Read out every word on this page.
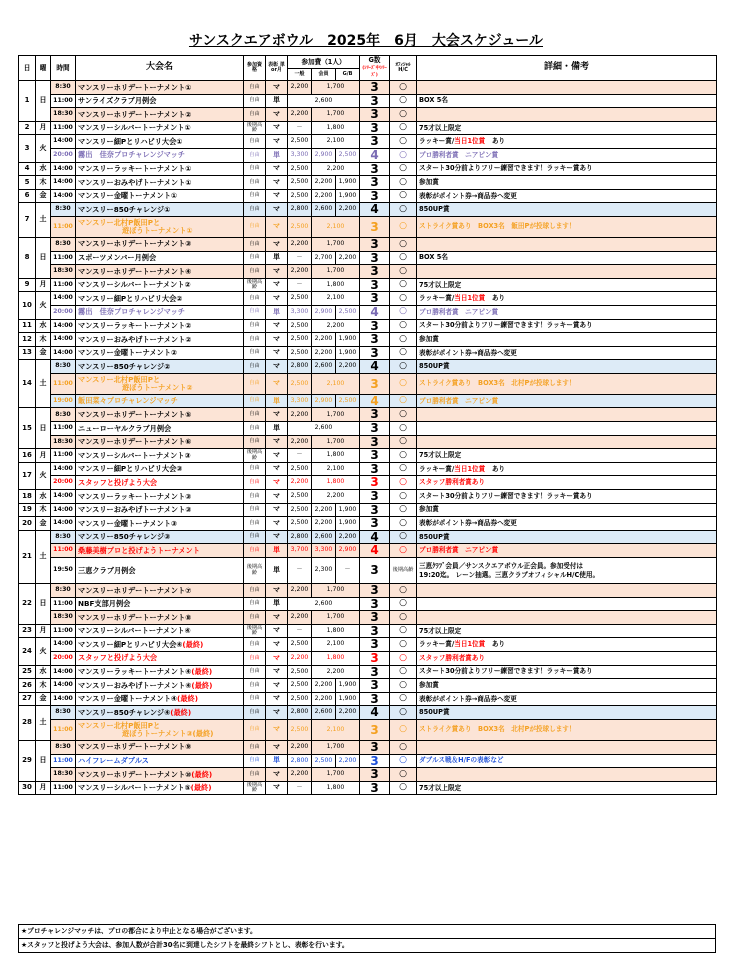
サンスクエアボウル　2025年　6月　大会スケジュール
日	曜	時間	大会名	参加資格	表彰 単or月	参加費（1人）			G数
(ｼﾘｰｽﾞ中ｼﾘｰｽﾞ)	ｵﾌｨｼｬﾙ H/C	詳細・備考
						一般	会員	G/B			
1	日	8:30	マンスリーホリデートーナメント①	自由	マ	2,200	1,700		3	○	
		11:00	サンライズクラブ月例会	自由	単	2,600			3	○	BOX 5名
		18:30	マンスリーホリデートーナメント②	自由	マ	2,200	1,700		3	○	
2	月	11:00	マンスリーシルバートーナメント①	後期高齢	マ	－	1,800		3	○	75才以上限定
3	火	14:00	マンスリー細Pとリハビリ大会①	自由	マ	2,500	2,100		3	○	ラッキー賞/当日1位賞　あり
		20:00	霧出　佳奈プロチャレンジマッチ	自由	単	3,300	2,900	2,500	4	○	プロ勝利者賞　ニアピン賞
4	水	14:00	マンスリーラッキートーナメント①	自由	マ	2,500	2,200		3	○	スタート30分前よりフリー練習できます！ラッキー賞あり
5	木	14:00	マンスリーおみやげトーナメント①	自由	マ	2,500	2,200	1,900	3	○	参加賞
6	金	14:00	マンスリー金曜トーナメント①	自由	マ	2,500	2,200	1,900	3	○	表彰がポイント券→商品券へ変更
7	土	8:30	マンスリー850チャレンジ①	自由	マ	2,800	2,600	2,200	4	○	850UP賞
		11:00	マンスリー北村P飯田Pと
遊ぼうトーナメント①	自由	マ	2,500	2,100		3	○	ストライク賞あり　BOX3名　飯田Pが投球します！
8	日	8:30	マンスリーホリデートーナメント③	自由	マ	2,200	1,700		3	○	
		11:00	スポーツメンバー月例会	自由	単	－	2,700	2,200	3	○	BOX 5名
		18:30	マンスリーホリデートーナメント④	自由	マ	2,200	1,700		3	○	
9	月	11:00	マンスリーシルバートーナメント②	後期高齢	マ	－	1,800		3	○	75才以上限定
10	火	14:00	マンスリー細Pとリハビリ大会②	自由	マ	2,500	2,100		3	○	ラッキー賞/当日1位賞　あり
		20:00	霧出　佳奈プロチャレンジマッチ	自由	単	3,300	2,900	2,500	4	○	プロ勝利者賞　ニアピン賞
11	水	14:00	マンスリーラッキートーナメント②	自由	マ	2,500	2,200		3	○	スタート30分前よりフリー練習できます！ラッキー賞あり
12	木	14:00	マンスリーおみやげトーナメント②	自由	マ	2,500	2,200	1,900	3	○	参加賞
13	金	14:00	マンスリー金曜トーナメント②	自由	マ	2,500	2,200	1,900	3	○	表彰がポイント券→商品券へ変更
14	土	8:30	マンスリー850チャレンジ②	自由	マ	2,800	2,600	2,200	4	○	850UP賞
		11:00	マンスリー北村P飯田Pと
遊ぼうトーナメント②	自由	マ	2,500	2,100		3	○	ストライク賞あり　BOX3名　北村Pが投球します！
		19:00	飯田菜々プロチャレンジマッチ	自由	単	3,300	2,900	2,500	4	○	プロ勝利者賞　ニアピン賞
15	日	8:30	マンスリーホリデートーナメント⑤	自由	マ	2,200	1,700		3	○	
		11:00	ニューローヤルクラブ月例会	自由	単	2,600			3	○	
		18:30	マンスリーホリデートーナメント⑥	自由	マ	2,200	1,700		3	○	
16	月	11:00	マンスリーシルバートーナメント③	後期高齢	マ	－	1,800		3	○	75才以上限定
17	火	14:00	マンスリー細Pとリハビリ大会③	自由	マ	2,500	2,100		3	○	ラッキー賞/当日1位賞　あり
		20:00	スタッフと投げよう大会	自由	マ	2,200	1,800		3	○	スタッフ勝利者賞あり
18	水	14:00	マンスリーラッキートーナメント③	自由	マ	2,500	2,200		3	○	スタート30分前よりフリー練習できます！ラッキー賞あり
19	木	14:00	マンスリーおみやげトーナメント③	自由	マ	2,500	2,200	1,900	3	○	参加賞
20	金	14:00	マンスリー金曜トーナメント③	自由	マ	2,500	2,200	1,900	3	○	表彰がポイント券→商品券へ変更
21	土	8:30	マンスリー850チャレンジ③	自由	マ	2,800	2,600	2,200	4	○	850UP賞
		11:00	桑藤美樹プロと投げようトーナメント	自由	単	3,700	3,300	2,900	4	○	プロ勝利者賞　ニアピン賞
		19:50	三恵クラブ月例会	後期高齢	単	－	2,300	－	3	後期高齢	三恵ｸﾗﾌﾞ会員／サンスクエアボウル正会員。参加受付は
19:20迄。 レーン抽選。三恵クラブオフィシャルH/C使用。

22	日	8:30	マンスリーホリデートーナメント⑦	自由	マ	2,200	1,700		3	○	
		11:00	NBF支部月例会	自由	単	2,600			3	○	
		18:30	マンスリーホリデートーナメント⑧	自由	マ	2,200	1,700		3	○	
23	月	11:00	マンスリーシルバートーナメント④	後期高齢	マ	－	1,800		3	○	75才以上限定
24	火	14:00	マンスリー細Pとリハビリ大会④(最終)	自由	マ	2,500	2,100		3	○	ラッキー賞/当日1位賞　あり
		20:00	スタッフと投げよう大会	自由	マ	2,200	1,800		3	○	スタッフ勝利者賞あり
25	水	14:00	マンスリーラッキートーナメント④(最終)	自由	マ	2,500	2,200		3	○	スタート30分前よりフリー練習できます！ラッキー賞あり
26	木	14:00	マンスリーおみやげトーナメント④(最終)	自由	マ	2,500	2,200	1,900	3	○	参加賞
27	金	14:00	マンスリー金曜トーナメント④(最終)	自由	マ	2,500	2,200	1,900	3	○	表彰がポイント券→商品券へ変更
28	土	8:30	マンスリー850チャレンジ④(最終)	自由	マ	2,800	2,600	2,200	4	○	850UP賞
		11:00	マンスリー北村P飯田Pと
遊ぼうトーナメント③(最終)	自由	マ	2,500	2,100		3	○	ストライク賞あり　BOX3名　北村Pが投球します！
29	日	8:30	マンスリーホリデートーナメント⑨	自由	マ	2,200	1,700		3	○	
		11:00	ハイフレームダブルス	自由	単	2,800	2,500	2,200	3	○	ダブルス戦＆H/Fの表彰など
		18:30	マンスリーホリデートーナメント⑩(最終)	自由	マ	2,200	1,700		3	○	
30	月	11:00	マンスリーシルバートーナメント⑤(最終)	後期高齢	マ	－	1,800		3	○	75才以上限定
★プロチャレンジマッチは、プロの都合により中止となる場合がございます。
★スタッフと投げよう大会は、参加人数が合計30名に到達したシフトを最終シフトとし、表彰を行います。
